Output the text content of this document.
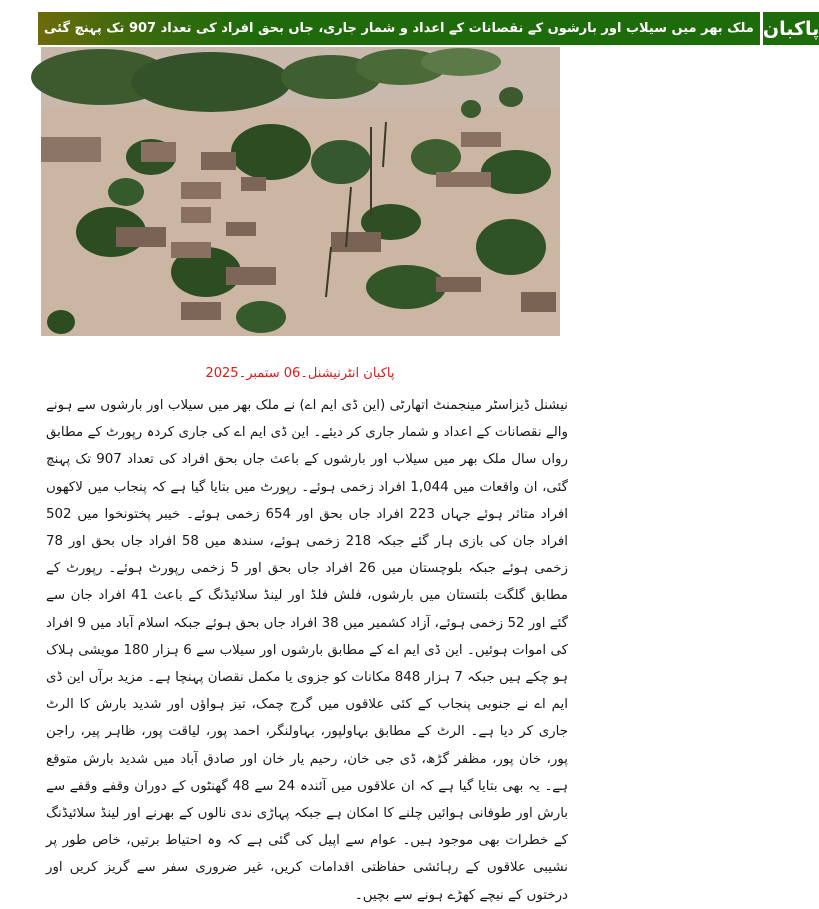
ملک بھر میں سیلاب اور بارشوں کے نقصانات کے اعداد و شمار جاری، جاں بحق افراد کی تعداد 907 تک پہنچ گئی پاکبان
پاکبان انٹرنیشنل۔06 ستمبر۔2025

نیشنل ڈیزاسٹر مینجمنٹ اتھارٹی (این ڈی ایم اے) نے ملک بھر میں سیلاب اور بارشوں سے ہونے والے نقصانات کے اعداد و شمار جاری کر دیئے۔ این ڈی ایم اے کی جاری کردہ رپورٹ کے مطابق رواں سال ملک بھر میں سیلاب اور بارشوں کے باعث جاں بحق افراد کی تعداد 907 تک پہنچ گئی، ان واقعات میں 1,044 افراد زخمی ہوئے۔ رپورٹ میں بتایا گیا ہے کہ پنجاب میں لاکھوں افراد متاثر ہوئے جہاں 223 افراد جاں بحق اور 654 زخمی ہوئے۔ خیبر پختونخوا میں 502 افراد جان کی بازی ہار گئے جبکہ 218 زخمی ہوئے، سندھ میں 58 افراد جاں بحق اور 78 زخمی ہوئے جبکہ بلوچستان میں 26 افراد جاں بحق اور 5 زخمی رپورٹ ہوئے۔ رپورٹ کے مطابق گلگت بلتستان میں بارشوں، فلش فلڈ اور لینڈ سلائیڈنگ کے باعث 41 افراد جان سے گئے اور 52 زخمی ہوئے، آزاد کشمیر میں 38 افراد جاں بحق ہوئے جبکہ اسلام آباد میں 9 افراد کی اموات ہوئیں۔ این ڈی ایم اے کے مطابق بارشوں اور سیلاب سے 6 ہزار 180 مویشی ہلاک ہو چکے ہیں جبکہ 7 ہزار 848 مکانات کو جزوی یا مکمل نقصان پہنچا ہے۔ مزید برآں این ڈی ایم اے نے جنوبی پنجاب کے کئی علاقوں میں گرج چمک، تیز ہواؤں اور شدید بارش کا الرٹ جاری کر دیا ہے۔ الرٹ کے مطابق بہاولپور، بہاولنگر، احمد پور، لیاقت پور، ظاہر پیر، راجن پور، خان پور، مظفر گڑھ، ڈی جی خان، رحیم یار خان اور صادق آباد میں شدید بارش متوقع ہے۔ یہ بھی بتایا گیا ہے کہ ان علاقوں میں آئندہ 24 سے 48 گھنٹوں کے دوران وقفے وقفے سے بارش اور طوفانی ہوائیں چلنے کا امکان ہے جبکہ پہاڑی ندی نالوں کے بھرنے اور لینڈ سلائیڈنگ کے خطرات بھی موجود ہیں۔ عوام سے اپیل کی گئی ہے کہ وہ احتیاط برتیں، خاص طور پر نشیبی علاقوں کے رہائشی حفاظتی اقدامات کریں، غیر ضروری سفر سے گریز کریں اور درختوں کے نیچے کھڑے ہونے سے بچیں۔
